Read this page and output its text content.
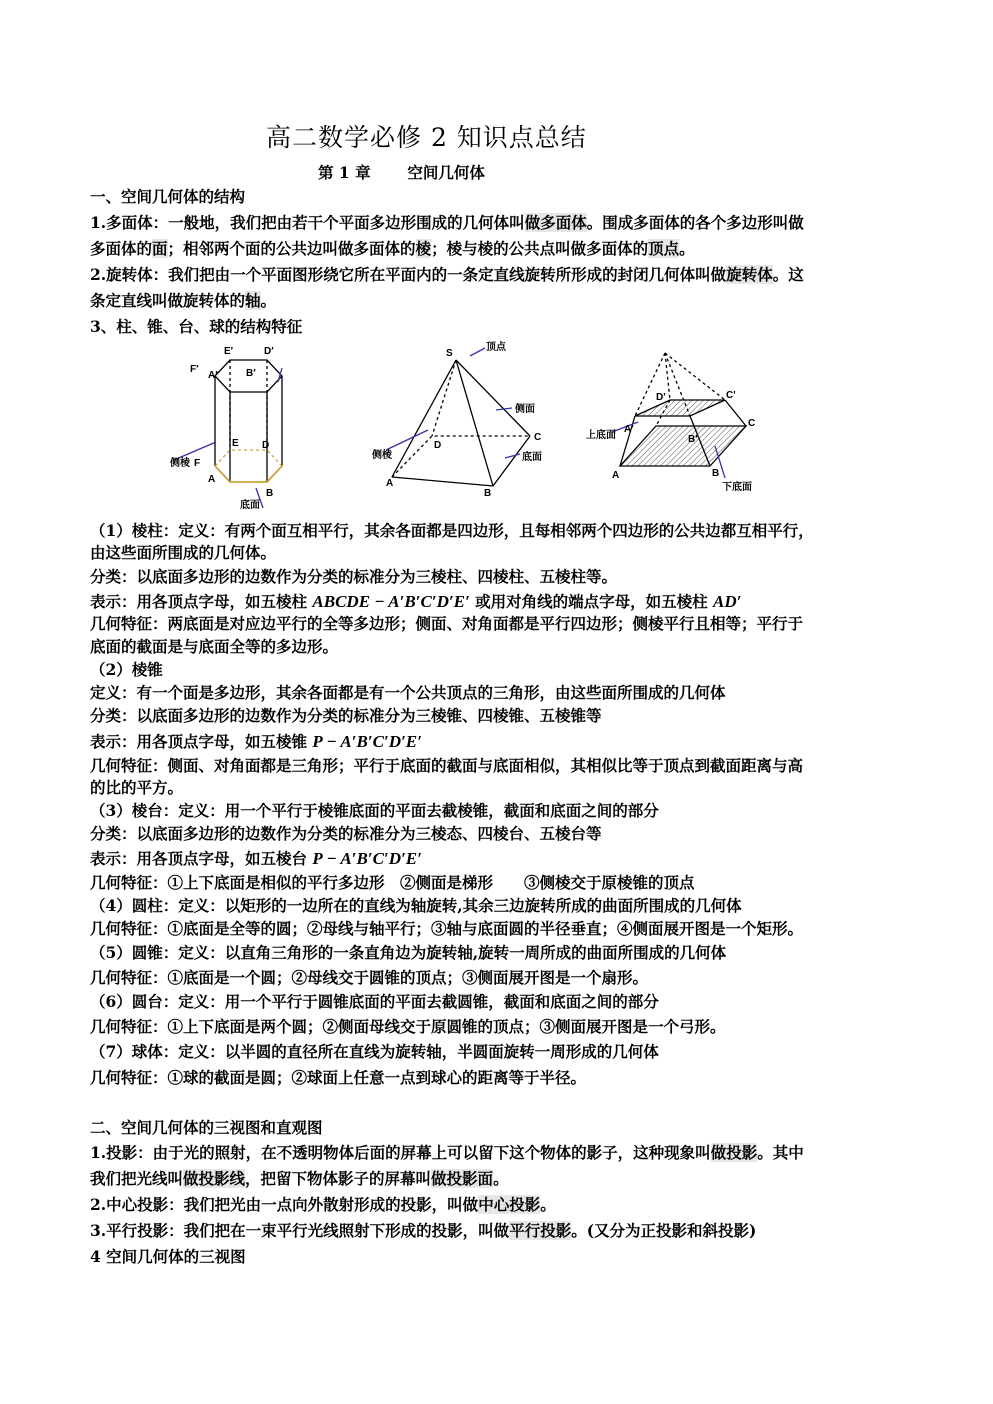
高二数学必修 2 知识点总结
第 1 章 空间几何体
一、空间几何体的结构
1.多面体：一般地，我们把由若干个平面多边形围成的几何体叫做多面体。围成多面体的各个多边形叫做
多面体的面；相邻两个面的公共边叫做多面体的棱；棱与棱的公共点叫做多面体的顶点。
2.旋转体：我们把由一个平面图形绕它所在平面内的一条定直线旋转所形成的封闭几何体叫做旋转体。这
条定直线叫做旋转体的轴。
3、柱、锥、台、球的结构特征
F′
A′
E′	D′
B′
E D
F
A
B
侧棱
底面
S
顶点
侧面
侧棱	底面
D
C
A
B
D'	C'
A'
B'
C
A	B
上底面
下底面
（1）棱柱：定义：有两个面互相平行，其余各面都是四边形，且每相邻两个四边形的公共边都互相平行，
由这些面所围成的几何体。
分类：以底面多边形的边数作为分类的标准分为三棱柱、四棱柱、五棱柱等。
表示：用各顶点字母，如五棱柱 ABCDE − A′B′C′D′E′ 或用对角线的端点字母，如五棱柱 AD′
几何特征：两底面是对应边平行的全等多边形；侧面、对角面都是平行四边形；侧棱平行且相等；平行于
底面的截面是与底面全等的多边形。
（2）棱锥
定义：有一个面是多边形，其余各面都是有一个公共顶点的三角形，由这些面所围成的几何体
分类：以底面多边形的边数作为分类的标准分为三棱锥、四棱锥、五棱锥等
表示：用各顶点字母，如五棱锥 P − A′B′C′D′E′
几何特征：侧面、对角面都是三角形；平行于底面的截面与底面相似，其相似比等于顶点到截面距离与高
的比的平方。
（3）棱台：定义：用一个平行于棱锥底面的平面去截棱锥，截面和底面之间的部分
分类：以底面多边形的边数作为分类的标准分为三棱态、四棱台、五棱台等
表示：用各顶点字母，如五棱台 P − A′B′C′D′E′
几何特征：①上下底面是相似的平行多边形　②侧面是梯形　　③侧棱交于原棱锥的顶点
（4）圆柱：定义：以矩形的一边所在的直线为轴旋转,其余三边旋转所成的曲面所围成的几何体
几何特征：①底面是全等的圆；②母线与轴平行；③轴与底面圆的半径垂直；④侧面展开图是一个矩形。
（5）圆锥：定义：以直角三角形的一条直角边为旋转轴,旋转一周所成的曲面所围成的几何体
几何特征：①底面是一个圆；②母线交于圆锥的顶点；③侧面展开图是一个扇形。
（6）圆台：定义：用一个平行于圆锥底面的平面去截圆锥，截面和底面之间的部分
几何特征：①上下底面是两个圆；②侧面母线交于原圆锥的顶点；③侧面展开图是一个弓形。
（7）球体：定义：以半圆的直径所在直线为旋转轴，半圆面旋转一周形成的几何体
几何特征：①球的截面是圆；②球面上任意一点到球心的距离等于半径。
二、空间几何体的三视图和直观图
1.投影：由于光的照射，在不透明物体后面的屏幕上可以留下这个物体的影子，这种现象叫做投影。其中
我们把光线叫做投影线，把留下物体影子的屏幕叫做投影面。
2.中心投影：我们把光由一点向外散射形成的投影，叫做中心投影。
3.平行投影：我们把在一束平行光线照射下形成的投影，叫做平行投影。(又分为正投影和斜投影)
4 空间几何体的三视图
